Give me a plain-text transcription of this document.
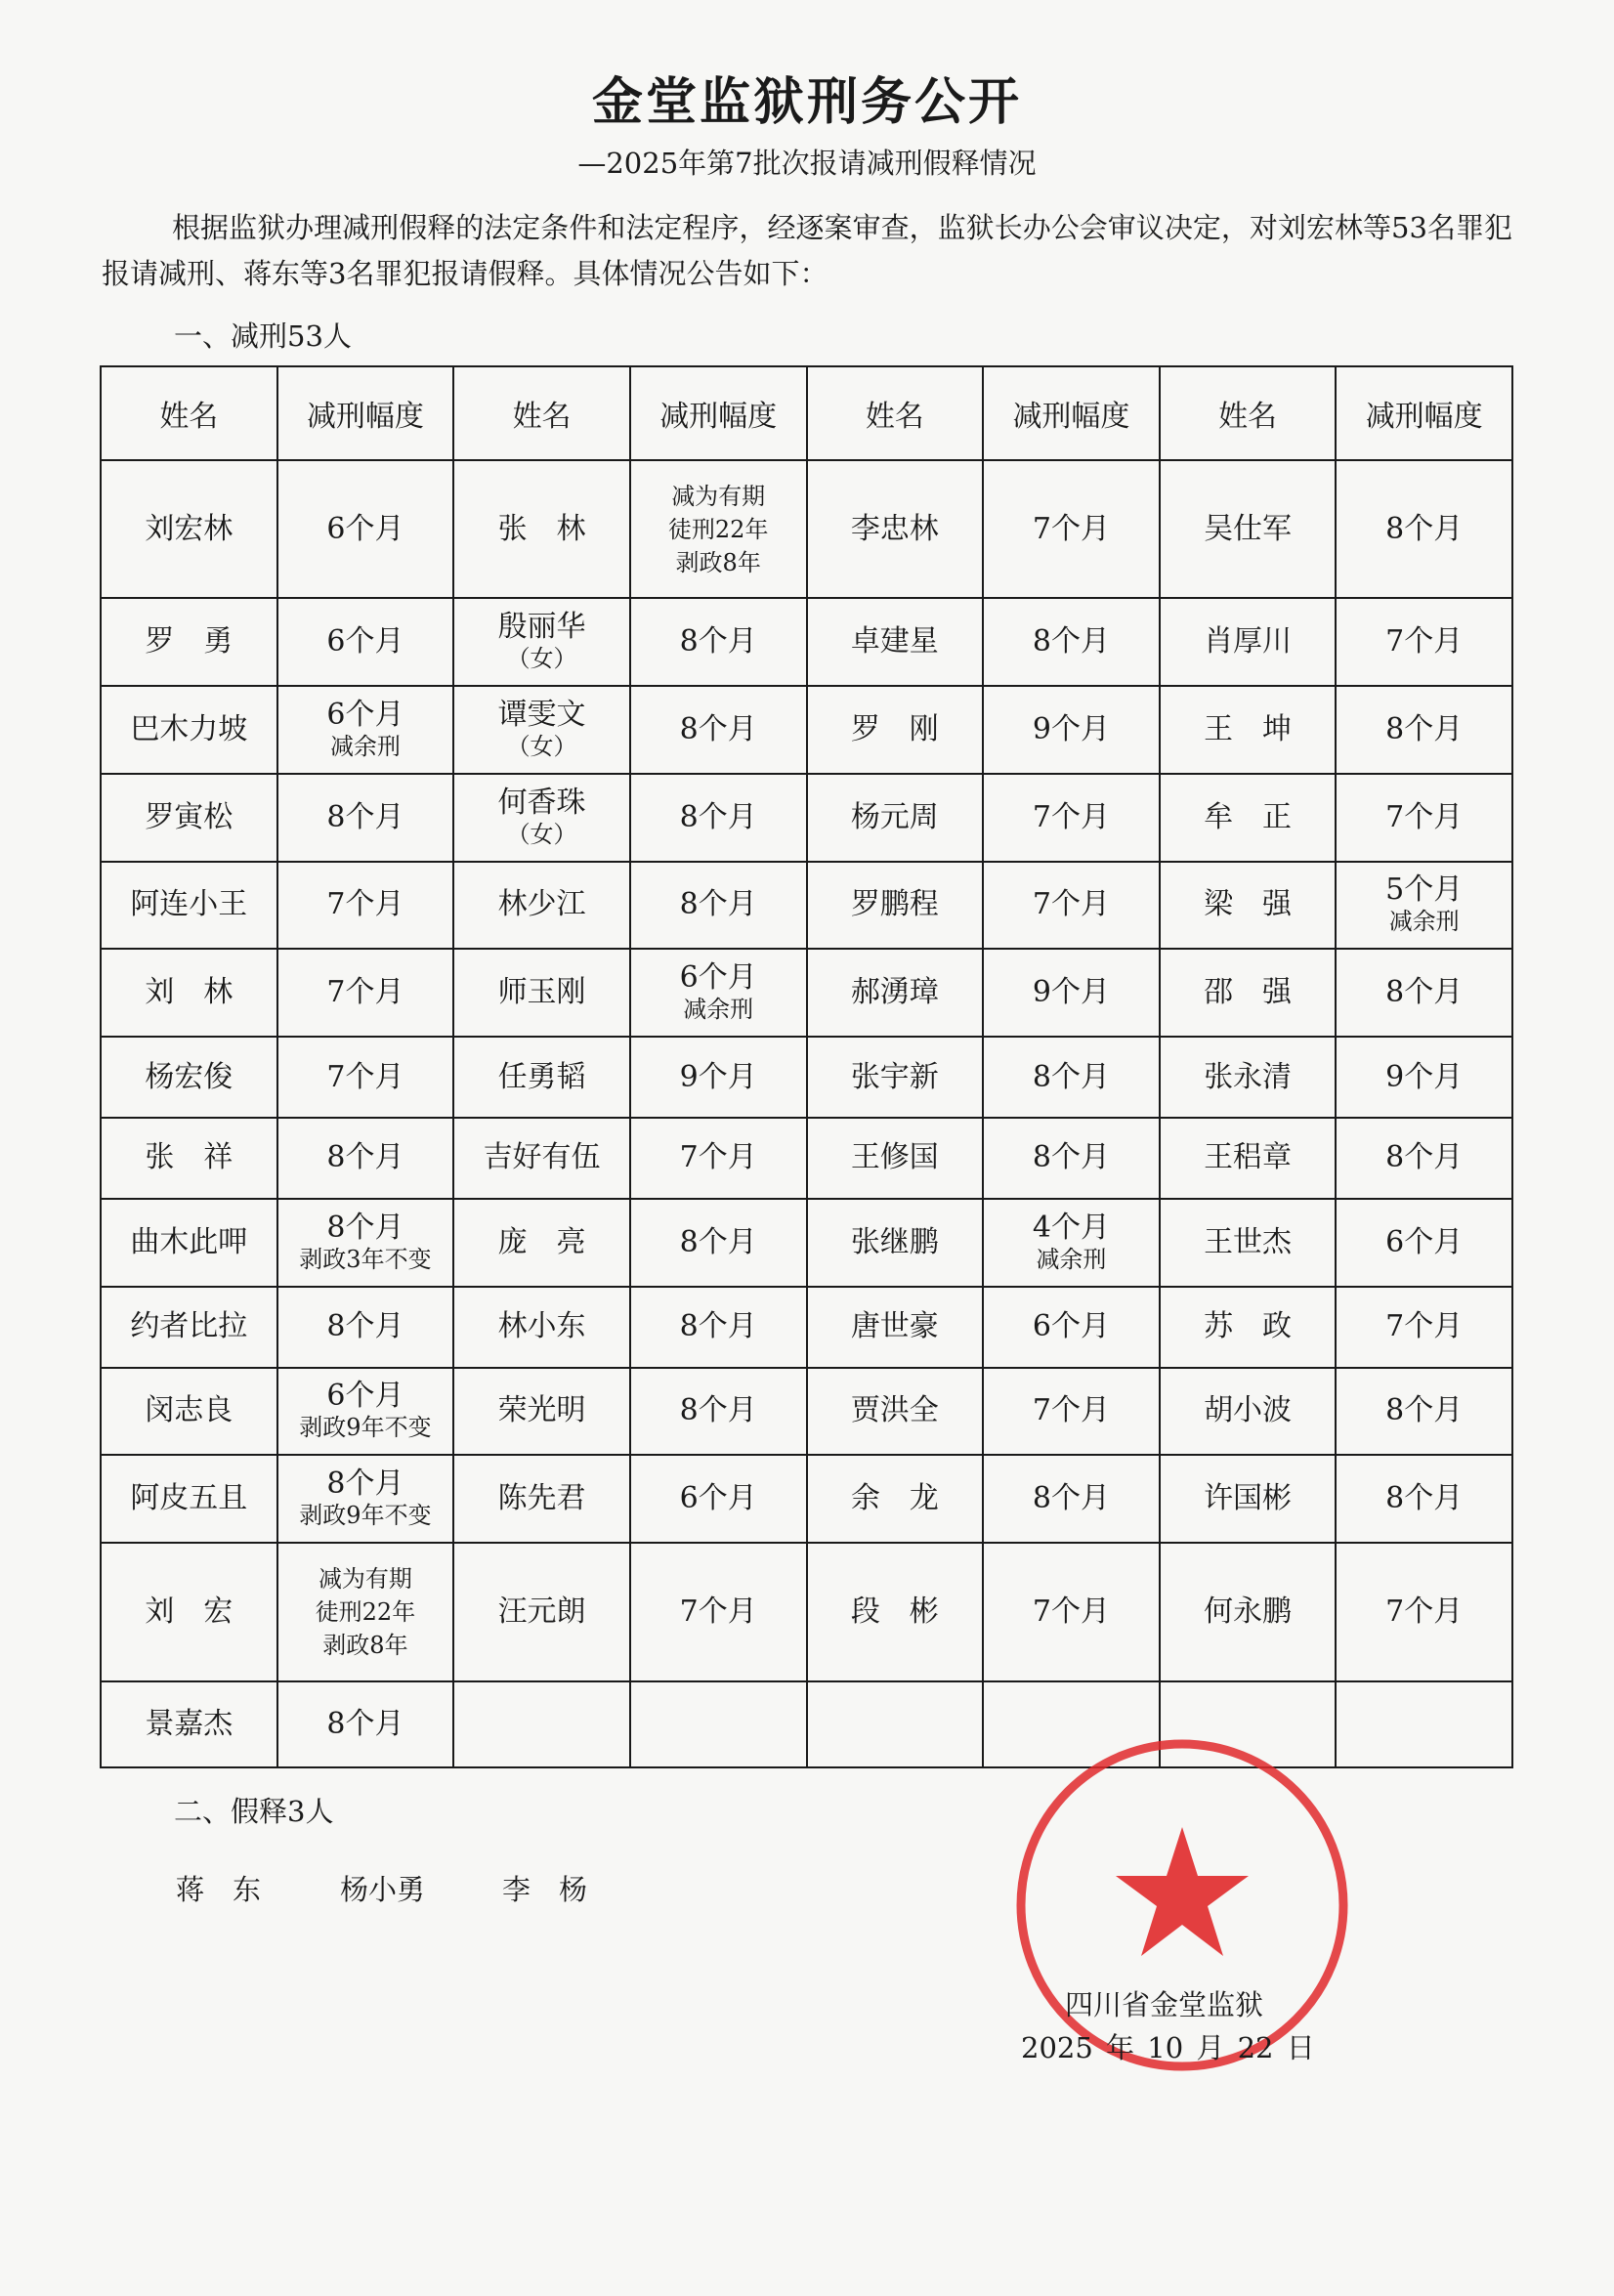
金堂监狱刑务公开
—2025年第7批次报请减刑假释情况
根据监狱办理减刑假释的法定条件和法定程序，经逐案审查，监狱长办公会审议决定，对刘宏林等53名罪犯报请减刑、蒋东等3名罪犯报请假释。具体情况公告如下：
一、减刑53人
姓名	减刑幅度	姓名	减刑幅度	姓名	减刑幅度	姓名	减刑幅度

刘宏林	6个月	张　林	减为有期
徒刑22年
剥政8年	李忠林	7个月	吴仕军	8个月

罗　勇	6个月	殷丽华
（女）	8个月	卓建星	8个月	肖厚川	7个月

巴木力坡	6个月
减余刑	谭雯文
（女）	8个月	罗　刚	9个月	王　坤	8个月

罗寅松	8个月	何香珠
（女）	8个月	杨元周	7个月	牟　正	7个月

阿连小王	7个月	林少江	8个月	罗鹏程	7个月	梁　强	5个月
减余刑

刘　林	7个月	师玉刚	6个月
减余刑	郝湧璋	9个月	邵　强	8个月

杨宏俊	7个月	任勇韬	9个月	张宇新	8个月	张永清	9个月

张　祥	8个月	吉好有伍	7个月	王修国	8个月	王稆章	8个月

曲木此呷	8个月
剥政3年不变	庞　亮	8个月	张继鹏	4个月
减余刑	王世杰	6个月

约者比拉	8个月	林小东	8个月	唐世豪	6个月	苏　政	7个月

闵志良	6个月
剥政9年不变	荣光明	8个月	贾洪全	7个月	胡小波	8个月

阿皮五且	8个月
剥政9年不变	陈先君	6个月	余　龙	8个月	许国彬	8个月

刘　宏	减为有期
徒刑22年
剥政8年	汪元朗	7个月	段　彬	7个月	何永鹏	7个月

景嘉杰	8个月						

二、假释3人
蒋　东	杨小勇	李　杨
四川省金堂监狱
2025 年 10 月 22 日
